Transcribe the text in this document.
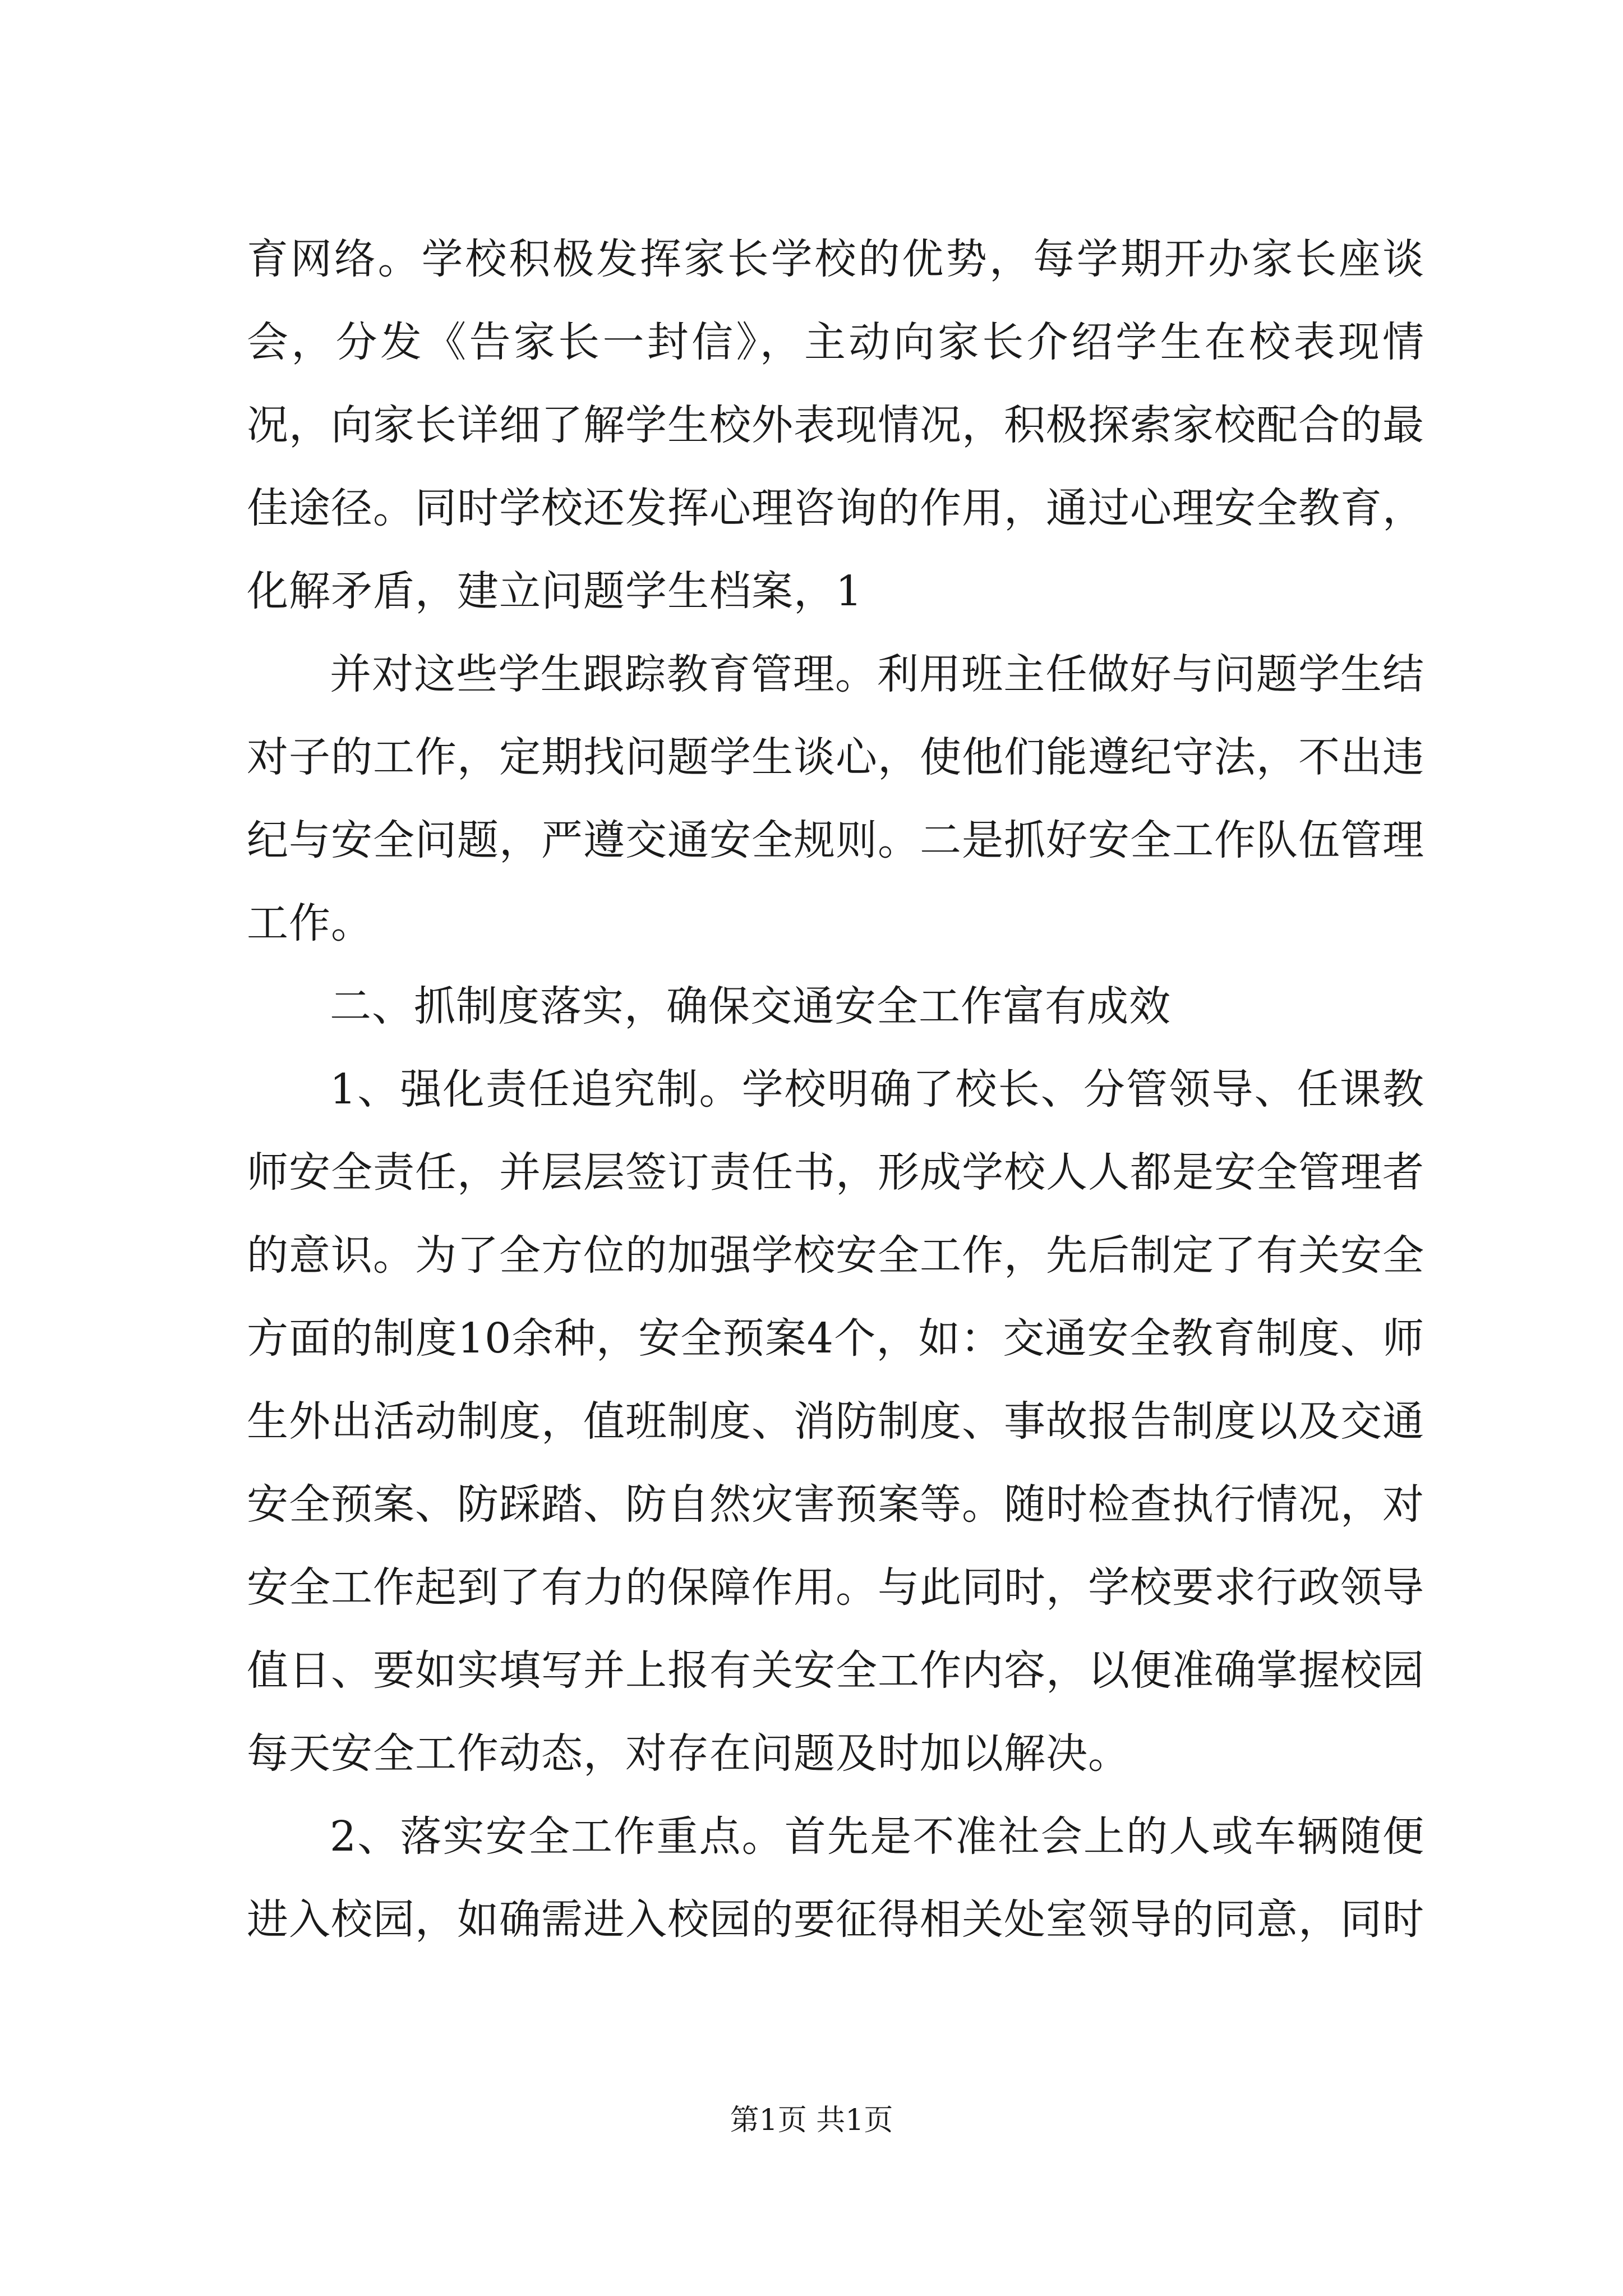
育网络。学校积极发挥家长学校的优势，每学期开办家长座谈会，分发《告家长一封信》，主动向家长介绍学生在校表现情况，向家长详细了解学生校外表现情况，积极探索家校配合的最佳途径。同时学校还发挥心理咨询的作用，通过心理安全教育，化解矛盾，建立问题学生档案，1

并对这些学生跟踪教育管理。利用班主任做好与问题学生结对子的工作，定期找问题学生谈心，使他们能遵纪守法，不出违纪与安全问题，严遵交通安全规则。二是抓好安全工作队伍管理工作。

二、抓制度落实，确保交通安全工作富有成效

1、强化责任追究制。学校明确了校长、分管领导、任课教师安全责任，并层层签订责任书，形成学校人人都是安全管理者的意识。为了全方位的加强学校安全工作，先后制定了有关安全方面的制度10余种，安全预案4个，如：交通安全教育制度、师生外出活动制度，值班制度、消防制度、事故报告制度以及交通安全预案、防踩踏、防自然灾害预案等。随时检查执行情况，对安全工作起到了有力的保障作用。与此同时，学校要求行政领导值日、要如实填写并上报有关安全工作内容，以便准确掌握校园每天安全工作动态，对存在问题及时加以解决。

2、落实安全工作重点。首先是不准社会上的人或车辆随便进入校园，如确需进入校园的要征得相关处室领导的同意，同时

第1页 共1页
